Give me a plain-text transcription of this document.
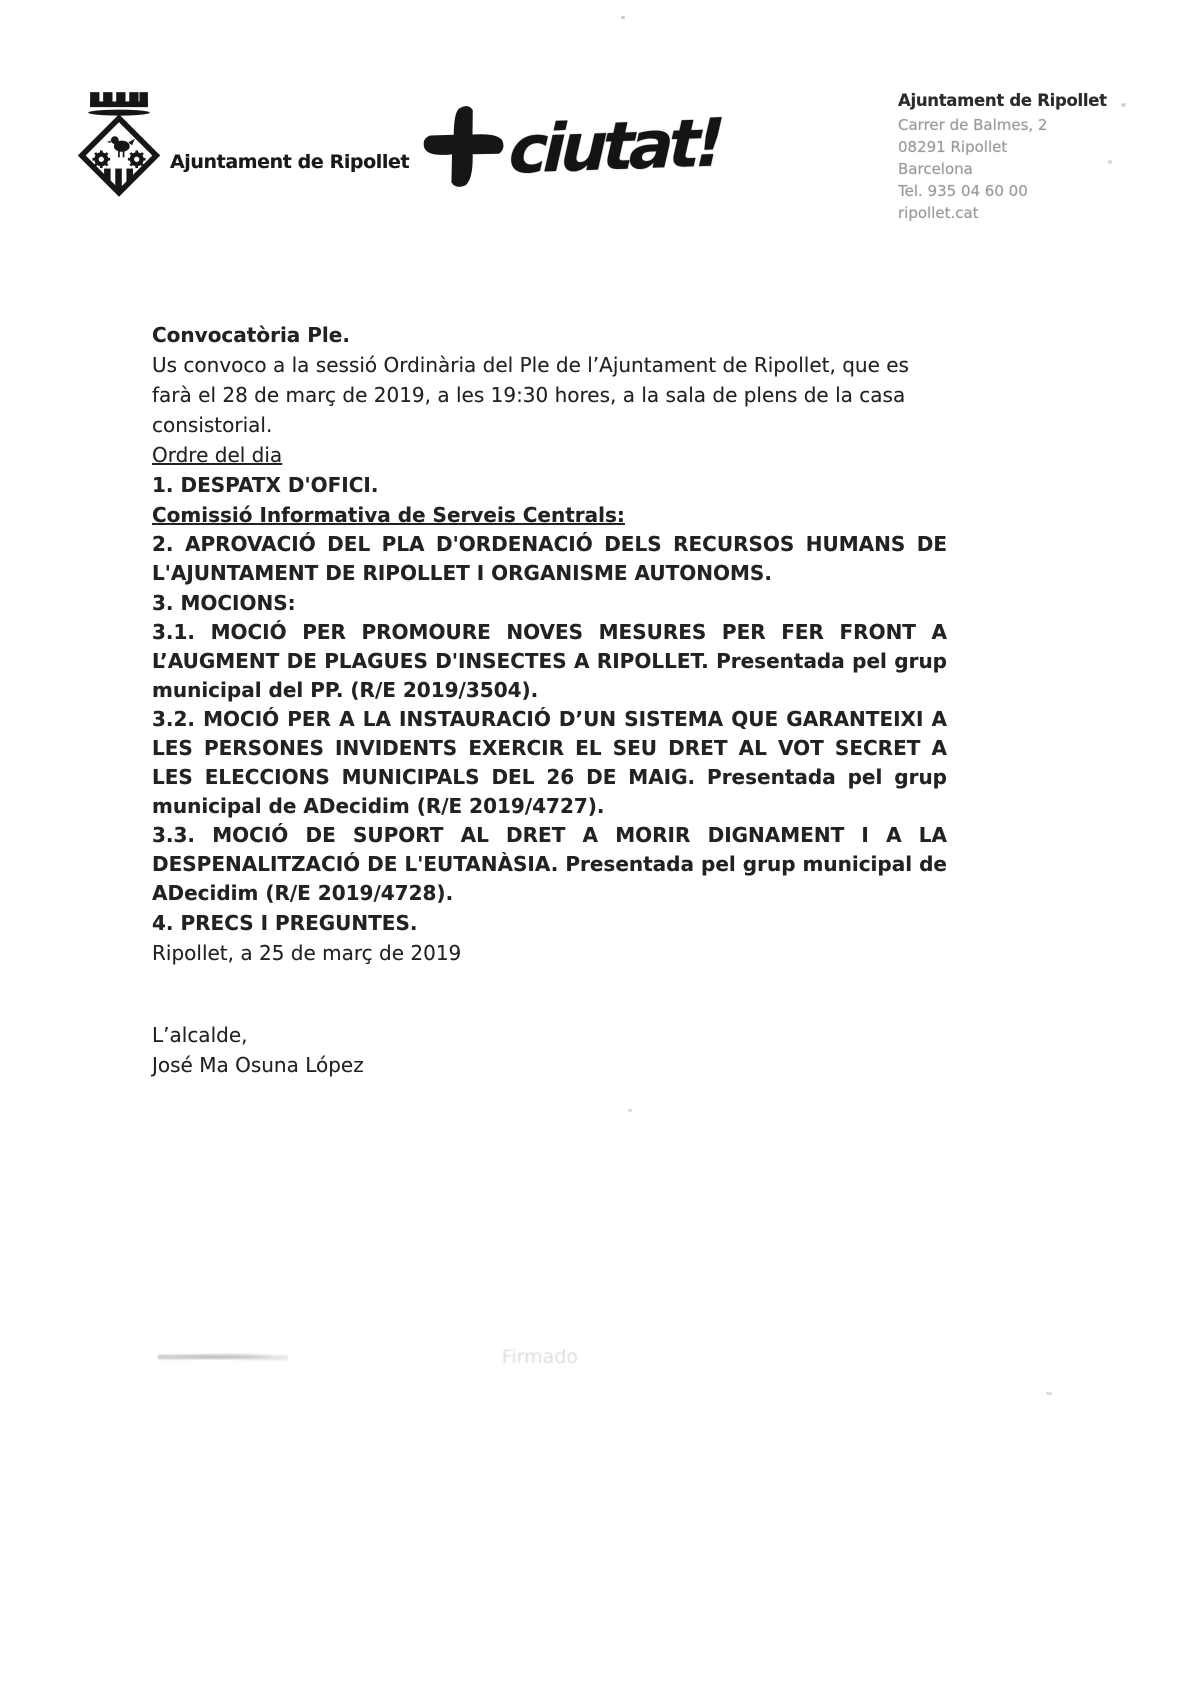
Ajuntament de Ripollet ciutat!
Ajuntament de Ripollet
Carrer de Balmes, 2
08291 Ripollet
Barcelona
Tel. 935 04 60 00
ripollet.cat

Convocatòria Ple.

Us convoco a la sessió Ordinària del Ple de l’Ajuntament de Ripollet, que es farà el 28 de març de 2019, a les 19:30 hores, a la sala de plens de la casa consistorial.

Ordre del dia

1. DESPATX D'OFICI.

Comissió Informativa de Serveis Centrals:

2. APROVACIÓ DEL PLA D'ORDENACIÓ DELS RECURSOS HUMANS DE L'AJUNTAMENT DE RIPOLLET I ORGANISME AUTONOMS.

3. MOCIONS:

3.1. MOCIÓ PER PROMOURE NOVES MESURES PER FER FRONT A L’AUGMENT DE PLAGUES D'INSECTES A RIPOLLET. Presentada pel grup municipal del PP. (R/E 2019/3504).

3.2. MOCIÓ PER A LA INSTAURACIÓ D’UN SISTEMA QUE GARANTEIXI A LES PERSONES INVIDENTS EXERCIR EL SEU DRET AL VOT SECRET A LES ELECCIONS MUNICIPALS DEL 26 DE MAIG. Presentada pel grup municipal de ADecidim (R/E 2019/4727).

3.3. MOCIÓ DE SUPORT AL DRET A MORIR DIGNAMENT I A LA DESPENALITZACIÓ DE L'EUTANÀSIA. Presentada pel grup municipal de ADecidim (R/E 2019/4728).

4. PRECS I PREGUNTES.

Ripollet, a 25 de març de 2019

L’alcalde,

José Ma Osuna López

Firmado
